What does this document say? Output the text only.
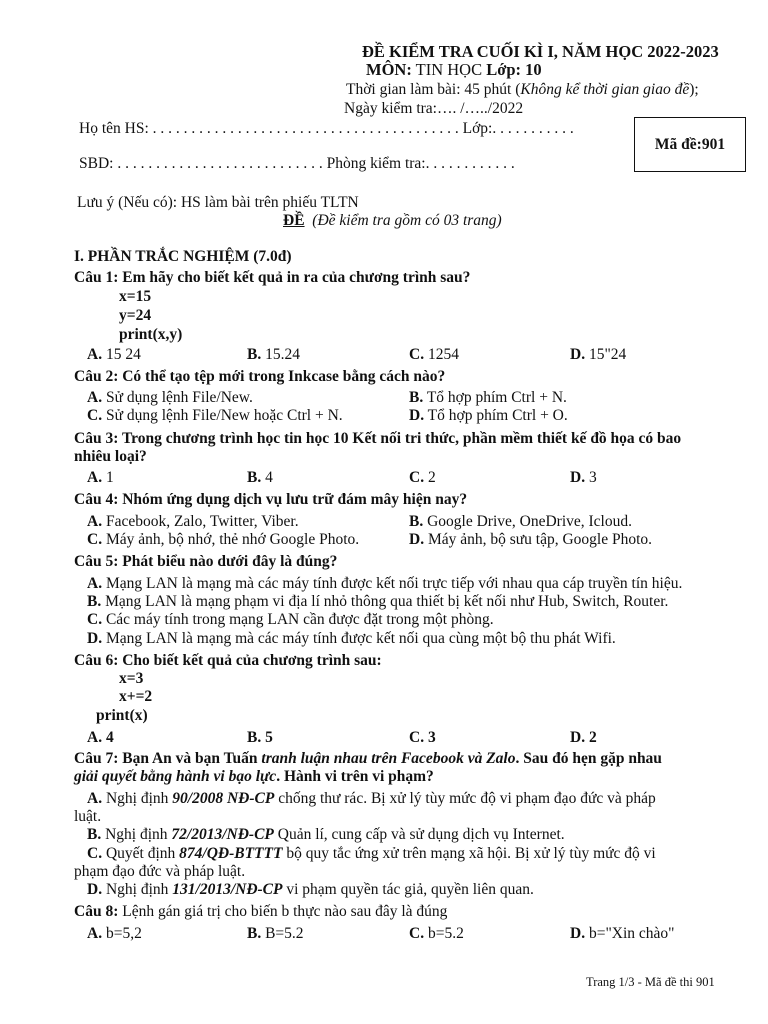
ĐỀ KIỂM TRA CUỐI KÌ I, NĂM HỌC 2022-2023
MÔN: TIN HỌC Lớp: 10
Thời gian làm bài: 45 phút (Không kể thời gian giao đề);
Ngày kiểm tra:…. /…../2022
Họ tên HS: . . . . . . . . . . . . . . . . . . . . . . . . . . . . . . . . . . . . . . . . Lớp:. . . . . . . . . . .
SBD: . . . . . . . . . . . . . . . . . . . . . . . . . . . Phòng kiểm tra:. . . . . . . . . . . .
Mã đề:901
Lưu ý (Nếu có): HS làm bài trên phiếu TLTN
ĐỀ (Đề kiểm tra gồm có 03 trang)
I. PHẦN TRẮC NGHIỆM (7.0đ)
Câu 1: Em hãy cho biết kết quả in ra của chương trình sau?
x=15
y=24
print(x,y)
A. 15 24	B. 15.24	C. 1254	D. 15"24
Câu 2: Có thể tạo tệp mới trong Inkcase bằng cách nào?
A. Sử dụng lệnh File/New.	B. Tổ hợp phím Ctrl + N.
C. Sử dụng lệnh File/New hoặc Ctrl + N.	D. Tổ hợp phím Ctrl + O.
Câu 3: Trong chương trình học tin học 10 Kết nối tri thức, phần mềm thiết kế đồ họa có bao
nhiêu loại?
A. 1	B. 4	C. 2	D. 3
Câu 4: Nhóm ứng dụng dịch vụ lưu trữ đám mây hiện nay?
A. Facebook, Zalo, Twitter, Viber.	B. Google Drive, OneDrive, Icloud.
C. Máy ảnh, bộ nhớ, thẻ nhớ Google Photo.	D. Máy ảnh, bộ sưu tập, Google Photo.
Câu 5: Phát biểu nào dưới đây là đúng?
A. Mạng LAN là mạng mà các máy tính được kết nối trực tiếp với nhau qua cáp truyền tín hiệu.
B. Mạng LAN là mạng phạm vi địa lí nhỏ thông qua thiết bị kết nối như Hub, Switch, Router.
C. Các máy tính trong mạng LAN cần được đặt trong một phòng.
D. Mạng LAN là mạng mà các máy tính được kết nối qua cùng một bộ thu phát Wifi.
Câu 6: Cho biết kết quả của chương trình sau:
x=3
x+=2
print(x)
A. 4	B. 5	C. 3	D. 2
Câu 7: Bạn An và bạn Tuấn tranh luận nhau trên Facebook và Zalo. Sau đó hẹn gặp nhau
giải quyết bằng hành vi bạo lực. Hành vi trên vi phạm?
A. Nghị định 90/2008 NĐ-CP chống thư rác. Bị xử lý tùy mức độ vi phạm đạo đức và pháp
luật.
B. Nghị định 72/2013/NĐ-CP Quản lí, cung cấp và sử dụng dịch vụ Internet.
C. Quyết định 874/QĐ-BTTTT bộ quy tắc ứng xử trên mạng xã hội. Bị xử lý tùy mức độ vi
phạm đạo đức và pháp luật.
D. Nghị định 131/2013/NĐ-CP vi phạm quyền tác giả, quyền liên quan.
Câu 8: Lệnh gán giá trị cho biến b thực nào sau đây là đúng
A. b=5,2	B. B=5.2	C. b=5.2	D. b="Xin chào"
Trang 1/3 - Mã đề thi 901
